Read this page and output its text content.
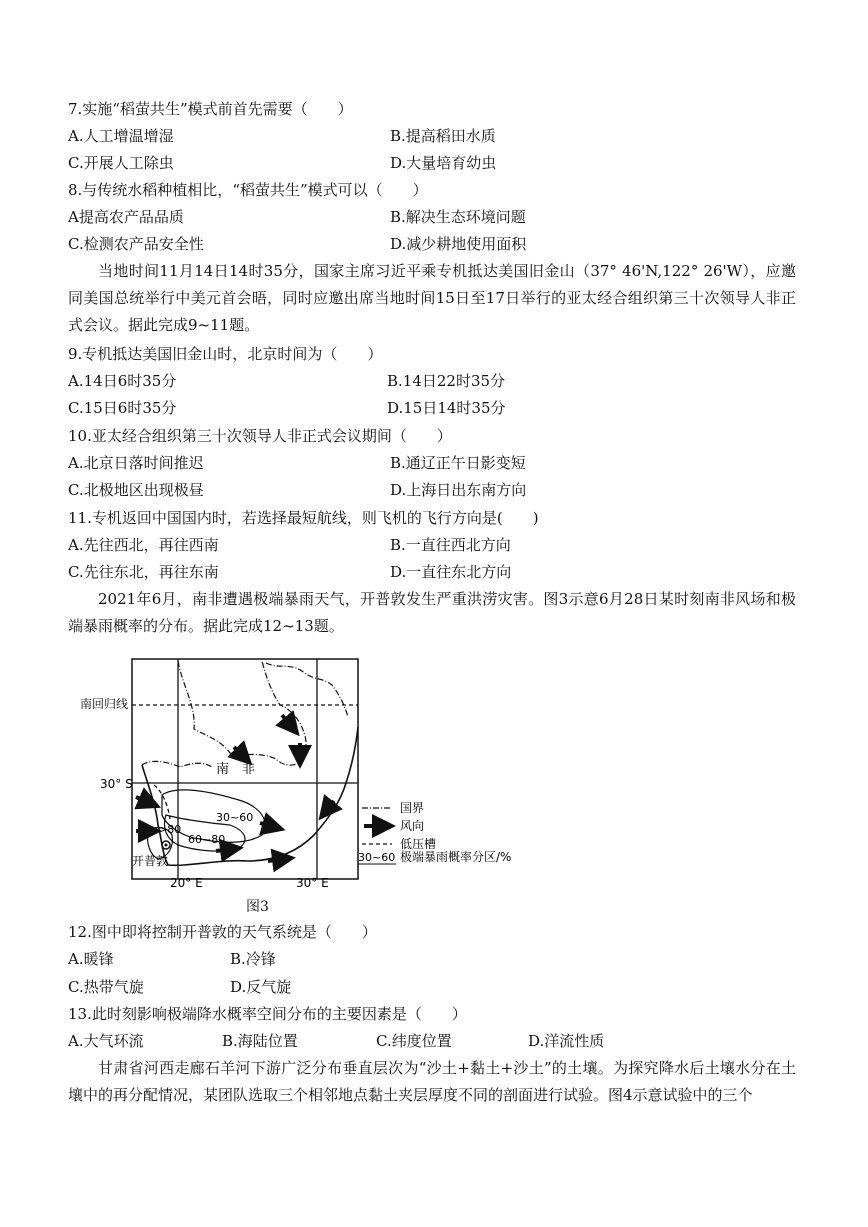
7.实施“稻萤共生”模式前首先需要（　　）
A.人工增温增湿	B.提高稻田水质
C.开展人工除虫	D.大量培育幼虫
8.与传统水稻种植相比，“稻萤共生”模式可以（　　）
A提高农产品品质	B.解决生态环境问题
C.检测农产品安全性	D.减少耕地使用面积

当地时间11月14日14时35分，国家主席习近平乘专机抵达美国旧金山（37° 46'N,122° 26'W），应邀同美国总统举行中美元首会晤，同时应邀出席当地时间15日至17日举行的亚太经合组织第三十次领导人非正式会议。据此完成9~11题。

9.专机抵达美国旧金山时，北京时间为（　　）
A.14日6时35分	B.14日22时35分
C.15日6时35分	D.15日14时35分
10.亚太经合组织第三十次领导人非正式会议期间（　　）
A.北京日落时间推迟	B.通辽正午日影变短
C.北极地区出现极昼	D.上海日出东南方向
11.专机返回中国国内时，若选择最短航线，则飞机的飞行方向是(　　)
A.先往西北，再往西南	B.一直往西北方向
C.先往东北，再往东南	D.一直往东北方向

2021年6月，南非遭遇极端暴雨天气，开普敦发生严重洪涝灾害。图3示意6月28日某时刻南非风场和极端暴雨概率的分布。据此完成12~13题。

南回归线
30° S
20° E	30° E
30~60
60~80
>80
南　非
开普敦
国界
风向
低压槽
30~60 极端暴雨概率分区/%
图3
12.图中即将控制开普敦的天气系统是（　　）
A.暖锋	B.冷锋
C.热带气旋	D.反气旋
13.此时刻影响极端降水概率空间分布的主要因素是（　　）
A.大气环流	B.海陆位置	C.纬度位置	D.洋流性质

甘肃省河西走廊石羊河下游广泛分布垂直层次为“沙土+黏土+沙土”的土壤。为探究降水后土壤水分在土壤中的再分配情况，某团队选取三个相邻地点黏土夹层厚度不同的剖面进行试验。图4示意试验中的三个
